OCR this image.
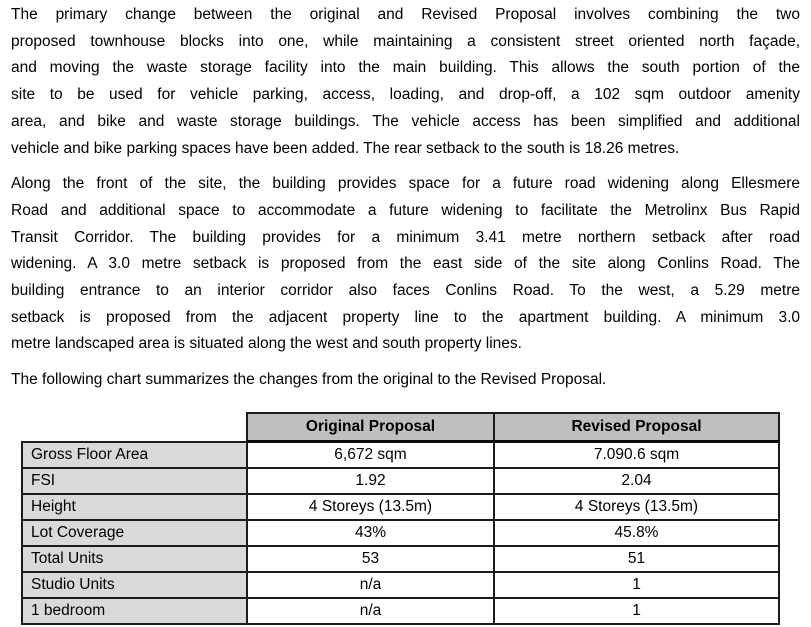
The primary change between the original and Revised Proposal involves combining the two
proposed townhouse blocks into one, while maintaining a consistent street oriented north façade,
and moving the waste storage facility into the main building. This allows the south portion of the
site to be used for vehicle parking, access, loading, and drop-off, a 102 sqm outdoor amenity
area, and bike and waste storage buildings. The vehicle access has been simplified and additional
vehicle and bike parking spaces have been added. The rear setback to the south is 18.26 metres.

Along the front of the site, the building provides space for a future road widening along Ellesmere
Road and additional space to accommodate a future widening to facilitate the Metrolinx Bus Rapid
Transit Corridor. The building provides for a minimum 3.41 metre northern setback after road
widening. A 3.0 metre setback is proposed from the east side of the site along Conlins Road. The
building entrance to an interior corridor also faces Conlins Road. To the west, a 5.29 metre
setback is proposed from the adjacent property line to the apartment building. A minimum 3.0
metre landscaped area is situated along the west and south property lines.

The following chart summarizes the changes from the original to the Revised Proposal.

	Original Proposal	Revised Proposal
Gross Floor Area	6,672 sqm	7.090.6 sqm
FSI	1.92	2.04
Height	4 Storeys (13.5m)	4 Storeys (13.5m)
Lot Coverage	43%	45.8%
Total Units	53	51
Studio Units	n/a	1
1 bedroom	n/a	1
